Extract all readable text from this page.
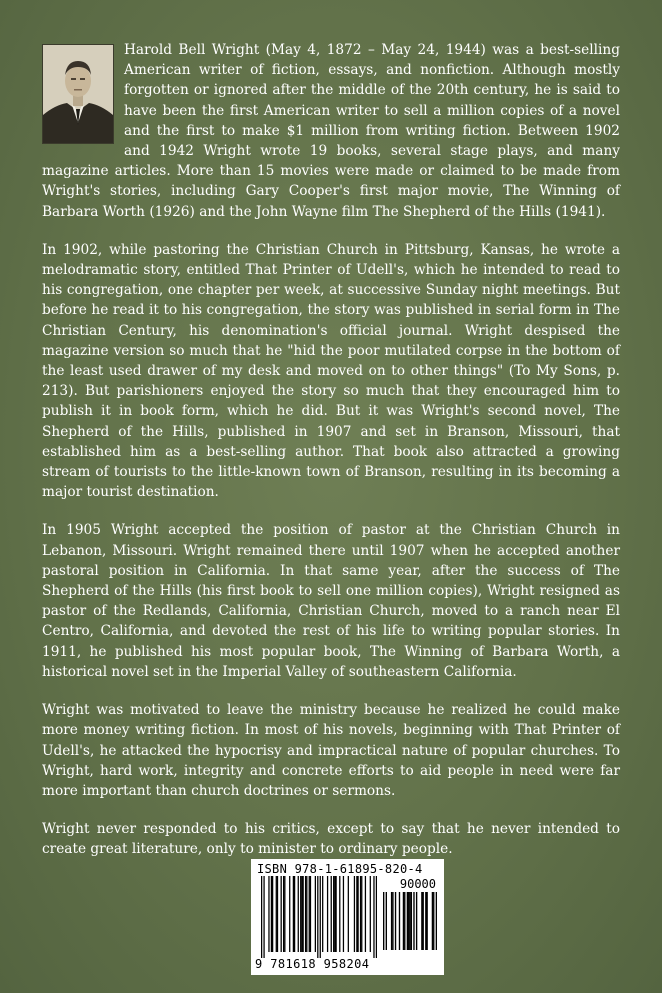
Harold Bell Wright (May 4, 1872 – May 24, 1944) was a best-selling American writer of fiction, essays, and nonfiction. Although mostly forgotten or ignored after the middle of the 20th century, he is said to have been the first American writer to sell a million copies of a novel and the first to make $1 million from writing fiction. Between 1902 and 1942 Wright wrote 19 books, several stage plays, and many magazine articles. More than 15 movies were made or claimed to be made from Wright's stories, including Gary Cooper's first major movie, The Winning of Barbara Worth (1926) and the John Wayne film The Shepherd of the Hills (1941).

In 1902, while pastoring the Christian Church in Pittsburg, Kansas, he wrote a melodramatic story, entitled That Printer of Udell's, which he intended to read to his congregation, one chapter per week, at successive Sunday night meetings. But before he read it to his congregation, the story was published in serial form in The Christian Century, his denomination's official journal. Wright despised the magazine version so much that he "hid the poor mutilated corpse in the bottom of the least used drawer of my desk and moved on to other things" (To My Sons, p. 213). But parishioners enjoyed the story so much that they encouraged him to publish it in book form, which he did. But it was Wright's second novel, The Shepherd of the Hills, published in 1907 and set in Branson, Missouri, that established him as a best-selling author. That book also attracted a growing stream of tourists to the little-known town of Branson, resulting in its becoming a major tourist destination.

In 1905 Wright accepted the position of pastor at the Christian Church in Lebanon, Missouri. Wright remained there until 1907 when he accepted another pastoral position in California. In that same year, after the success of The Shepherd of the Hills (his first book to sell one million copies), Wright resigned as pastor of the Redlands, California, Christian Church, moved to a ranch near El Centro, California, and devoted the rest of his life to writing popular stories. In 1911, he published his most popular book, The Winning of Barbara Worth, a historical novel set in the Imperial Valley of southeastern California.

Wright was motivated to leave the ministry because he realized he could make more money writing fiction. In most of his novels, beginning with That Printer of Udell's, he attacked the hypocrisy and impractical nature of popular churches. To Wright, hard work, integrity and concrete efforts to aid people in need were far more important than church doctrines or sermons.

Wright never responded to his critics, except to say that he never intended to create great literature, only to minister to ordinary people.

ISBN 978-1-61895-820-4
90000
9 781618 958204
